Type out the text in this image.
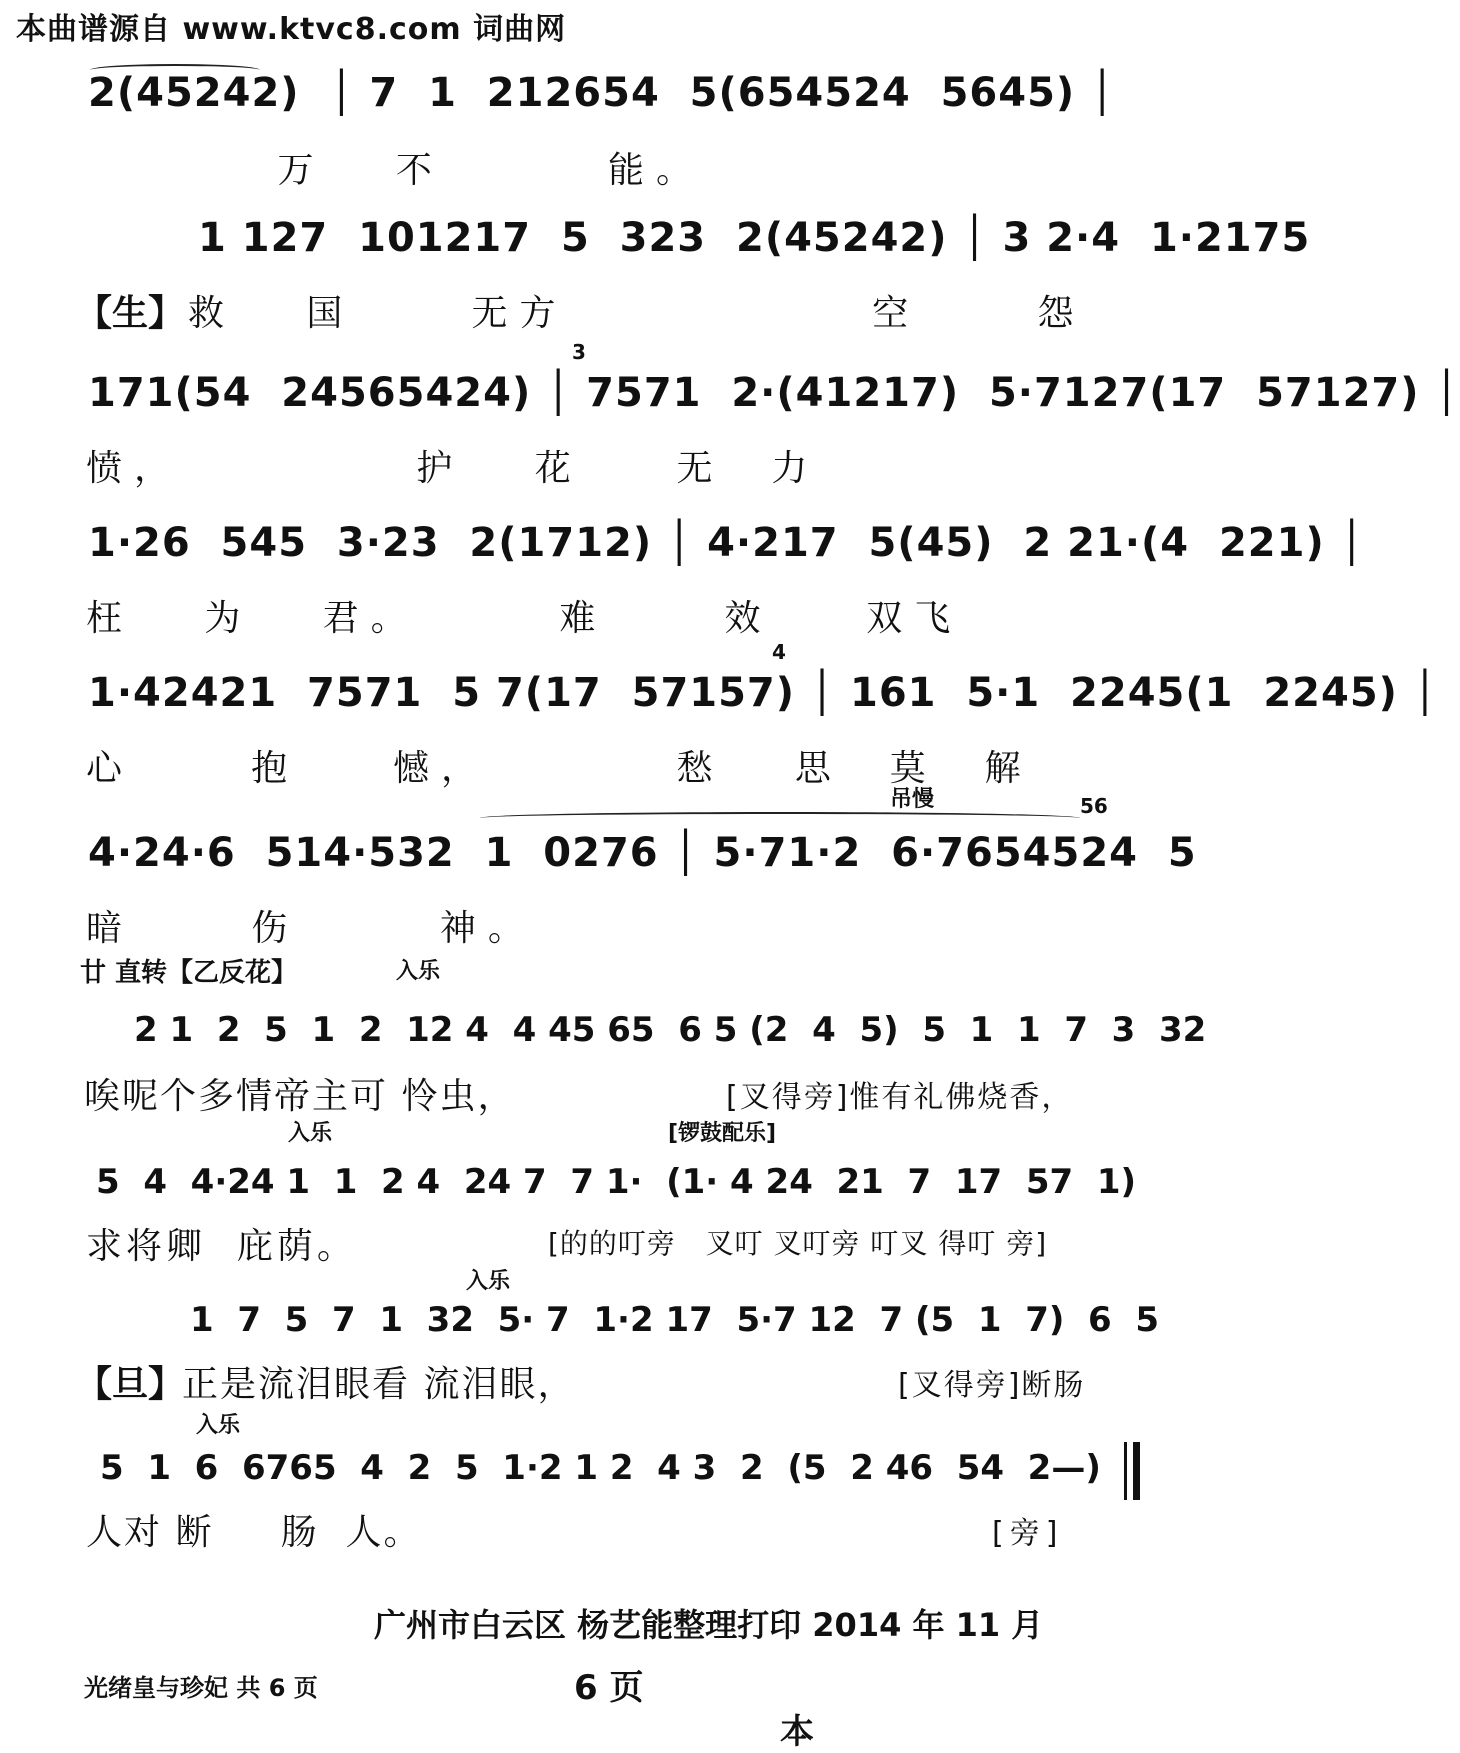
本曲谱源自 www.ktvc8.com 词曲网
2(45242)  │ 7  1  212654  5(654524  5645) │
万   不       能。
1 127  101217  5  323  2(45242) │ 3 2·4  1·2175
【生】 救   国     无方             空     怨
3
171(54  24565424) │ 7571  2·(41217)  5·7127(17  57127) │
愤，          护   花    无  力
1·26  545  3·23  2(1712) │ 4·217  5(45)  2 21·(4  221) │
枉   为   君。      难     效    双飞
4
1·42421  7571  5 7(17  57157) │ 161  5·1  2245(1  2245) │
心     抱    憾，        愁   思  莫  解
吊慢	56
4·24·6  514·532  1  0276 │ 5·71·2  6·7654524  5
暗     伤      神。
廿 直转【乙反花】	入乐
2 1  2  5  1  2  12 4  4 45 65  6 5 (2  4  5)  5  1  1  7  3  32
唉呢个多情帝主可 怜虫，	[叉得旁]惟有礼佛烧香，
入乐	[锣鼓配乐]
5  4  4·24 1  1  2 4  24 7  7 1·  (1· 4 24  21  7  17  57  1)
求将卿  庇荫。	[的的叮旁   叉叮 叉叮旁 叮叉 得叮 旁]
入乐
1  7  5  7  1  32  5· 7  1·2 17  5·7 12  7 (5  1  7)  6  5
【旦】
正是流泪眼看 流泪眼，	[叉得旁]断肠
入乐
5  1  6  6765  4  2  5  1·2 1 2  4 3  2  (5  2 46  54  2—)
人对 断     肠  人。	[旁]
广州市白云区 杨艺能整理打印 2014 年 11 月
光绪皇与珍妃 共 6 页	6 页
本
